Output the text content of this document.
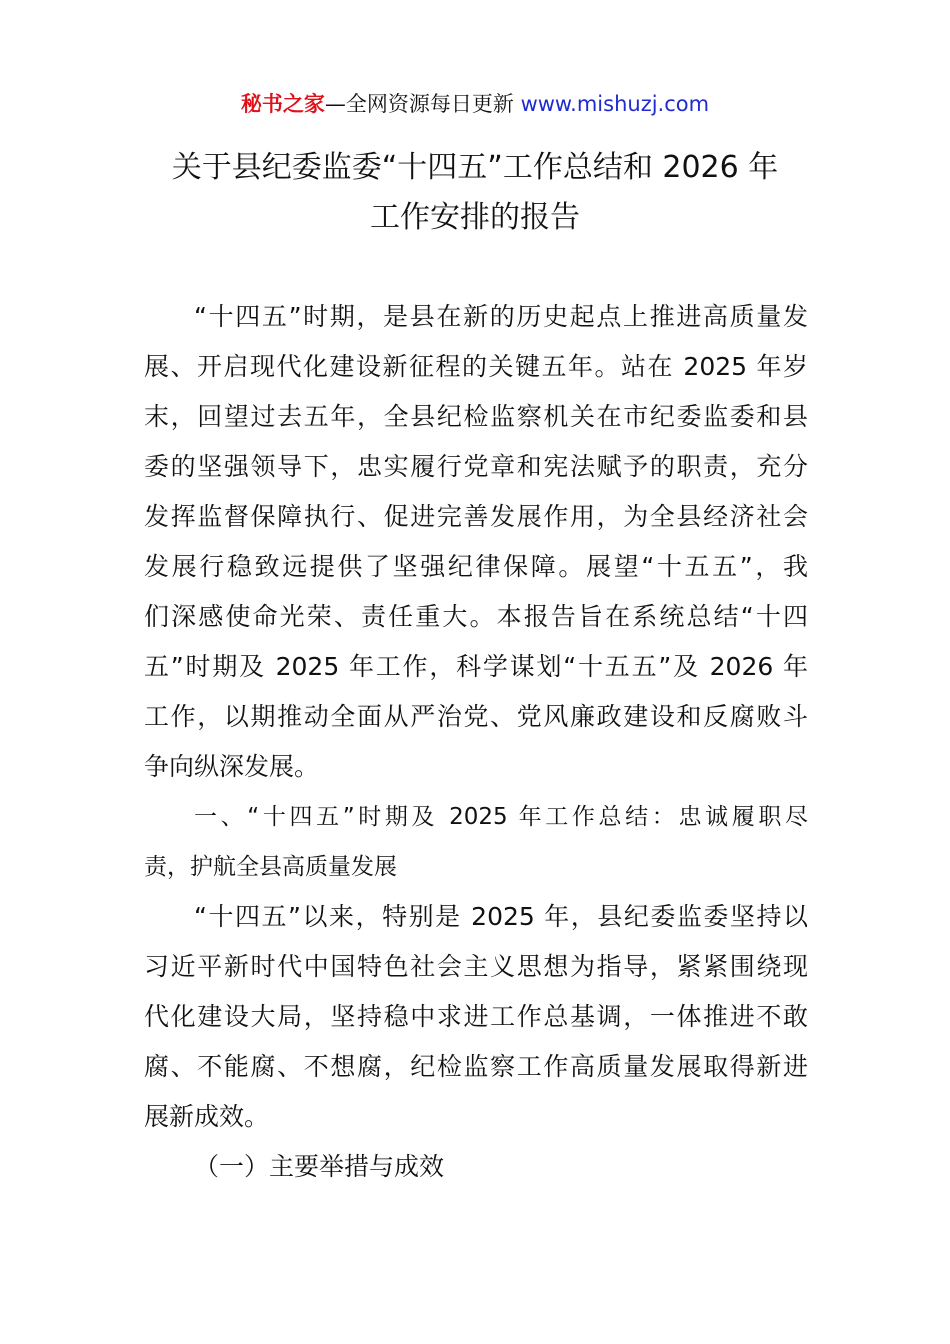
秘书之家—全网资源每日更新 www.mishuzj.com
关于县纪委监委“十四五”工作总结和 2026 年
工作安排的报告
“十四五”时期，是县在新的历史起点上推进高质量发
展、开启现代化建设新征程的关键五年。站在 2025 年岁
末，回望过去五年，全县纪检监察机关在市纪委监委和县
委的坚强领导下，忠实履行党章和宪法赋予的职责，充分
发挥监督保障执行、促进完善发展作用，为全县经济社会
发展行稳致远提供了坚强纪律保障。展望“十五五”，我
们深感使命光荣、责任重大。本报告旨在系统总结“十四
五”时期及 2025 年工作，科学谋划“十五五”及 2026 年
工作，以期推动全面从严治党、党风廉政建设和反腐败斗
争向纵深发展。
一、“十四五”时期及 2025 年工作总结：忠诚履职尽
责，护航全县高质量发展
“十四五”以来，特别是 2025 年，县纪委监委坚持以
习近平新时代中国特色社会主义思想为指导，紧紧围绕现
代化建设大局，坚持稳中求进工作总基调，一体推进不敢
腐、不能腐、不想腐，纪检监察工作高质量发展取得新进
展新成效。
（一）主要举措与成效
